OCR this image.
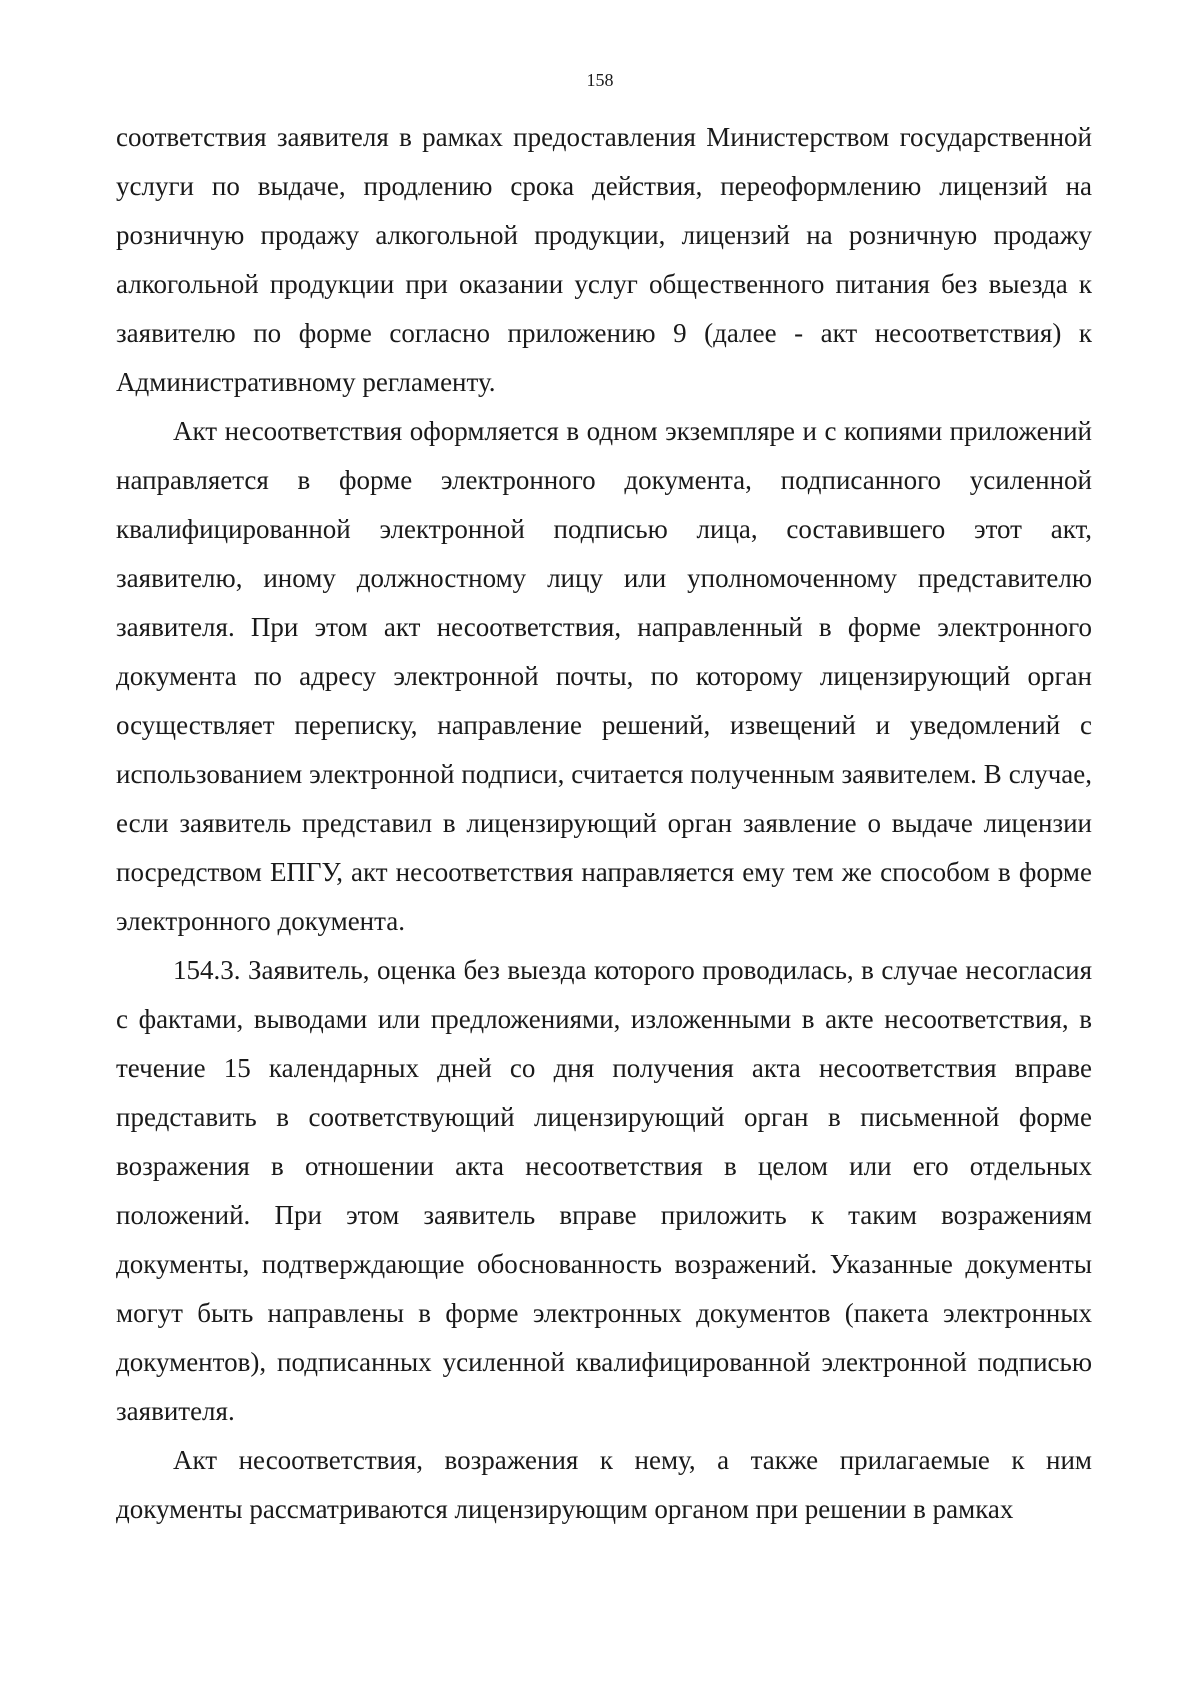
158

соответствия заявителя в рамках предоставления Министерством государственной услуги по выдаче, продлению срока действия, переоформлению лицензий на розничную продажу алкогольной продукции, лицензий на розничную продажу алкогольной продукции при оказании услуг общественного питания без выезда к заявителю по форме согласно приложению 9 (далее - акт несоответствия) к Административному регламенту.

Акт несоответствия оформляется в одном экземпляре и с копиями приложений направляется в форме электронного документа, подписанного усиленной квалифицированной электронной подписью лица, составившего этот акт, заявителю, иному должностному лицу или уполномоченному представителю заявителя. При этом акт несоответствия, направленный в форме электронного документа по адресу электронной почты, по которому лицензирующий орган осуществляет переписку, направление решений, извещений и уведомлений с использованием электронной подписи, считается полученным заявителем. В случае, если заявитель представил в лицензирующий орган заявление о выдаче лицензии посредством ЕПГУ, акт несоответствия направляется ему тем же способом в форме электронного документа.

154.3. Заявитель, оценка без выезда которого проводилась, в случае несогласия с фактами, выводами или предложениями, изложенными в акте несоответствия, в течение 15 календарных дней со дня получения акта несоответствия вправе представить в соответствующий лицензирующий орган в письменной форме возражения в отношении акта несоответствия в целом или его отдельных положений. При этом заявитель вправе приложить к таким возражениям документы, подтверждающие обоснованность возражений. Указанные документы могут быть направлены в форме электронных документов (пакета электронных документов), подписанных усиленной квалифицированной электронной подписью заявителя.

Акт несоответствия, возражения к нему, а также прилагаемые к ним документы рассматриваются лицензирующим органом при решении в рамках
